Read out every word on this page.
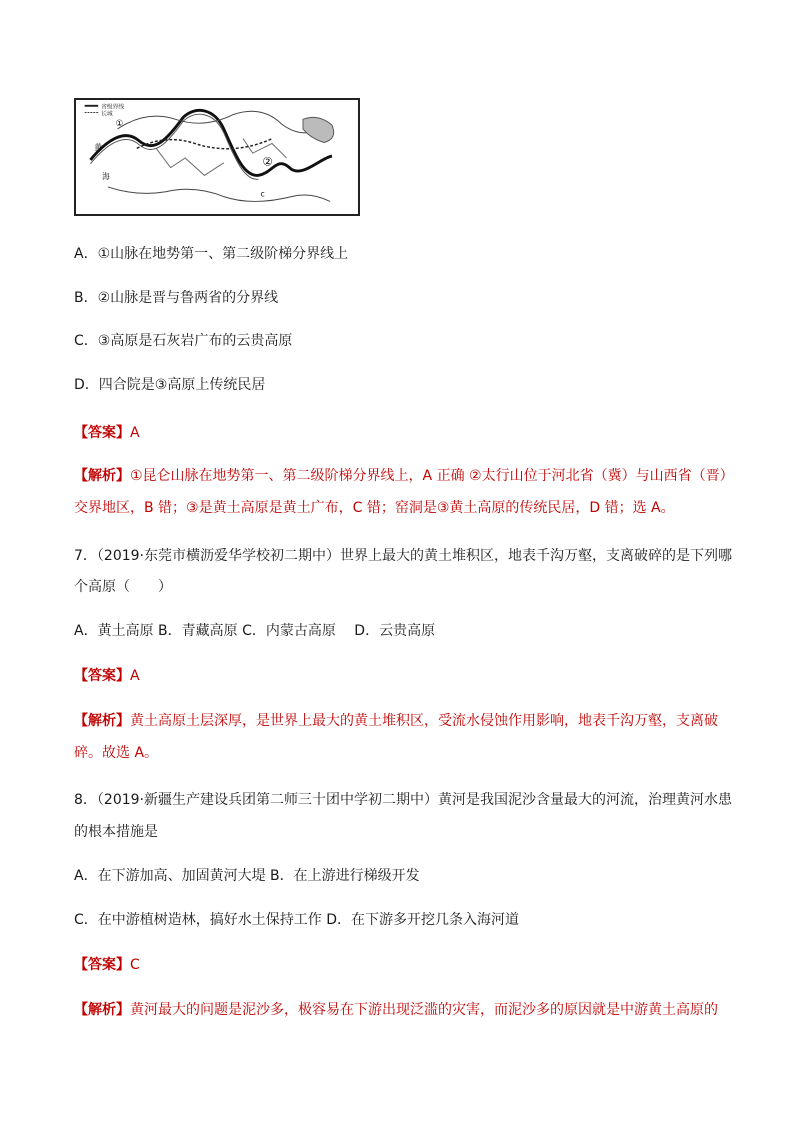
省级界线
长城
①
②
黄
海
c
A．①山脉在地势第一、第二级阶梯分界线上
B．②山脉是晋与鲁两省的分界线
C．③高原是石灰岩广布的云贵高原
D．四合院是③高原上传统民居
【答案】A
【解析】①昆仑山脉在地势第一、第二级阶梯分界线上，A 正确 ②太行山位于河北省（冀）与山西省（晋）
交界地区，B 错；③是黄土高原是黄土广布，C 错；窑洞是③黄土高原的传统民居，D 错；选 A。
7．（2019·东莞市横沥爱华学校初二期中）世界上最大的黄土堆积区，地表千沟万壑，支离破碎的是下列哪
个高原（　　）
A．黄土高原 B．青藏高原 C．内蒙古高原　 D．云贵高原
【答案】A
【解析】黄土高原土层深厚，是世界上最大的黄土堆积区，受流水侵蚀作用影响，地表千沟万壑，支离破
碎。故选 A。
8．（2019·新疆生产建设兵团第二师三十团中学初二期中）黄河是我国泥沙含量最大的河流，治理黄河水患
的根本措施是
A．在下游加高、加固黄河大堤 B．在上游进行梯级开发
C．在中游植树造林，搞好水土保持工作 D．在下游多开挖几条入海河道
【答案】C
【解析】黄河最大的问题是泥沙多，极容易在下游出现泛滥的灾害，而泥沙多的原因就是中游黄土高原的
